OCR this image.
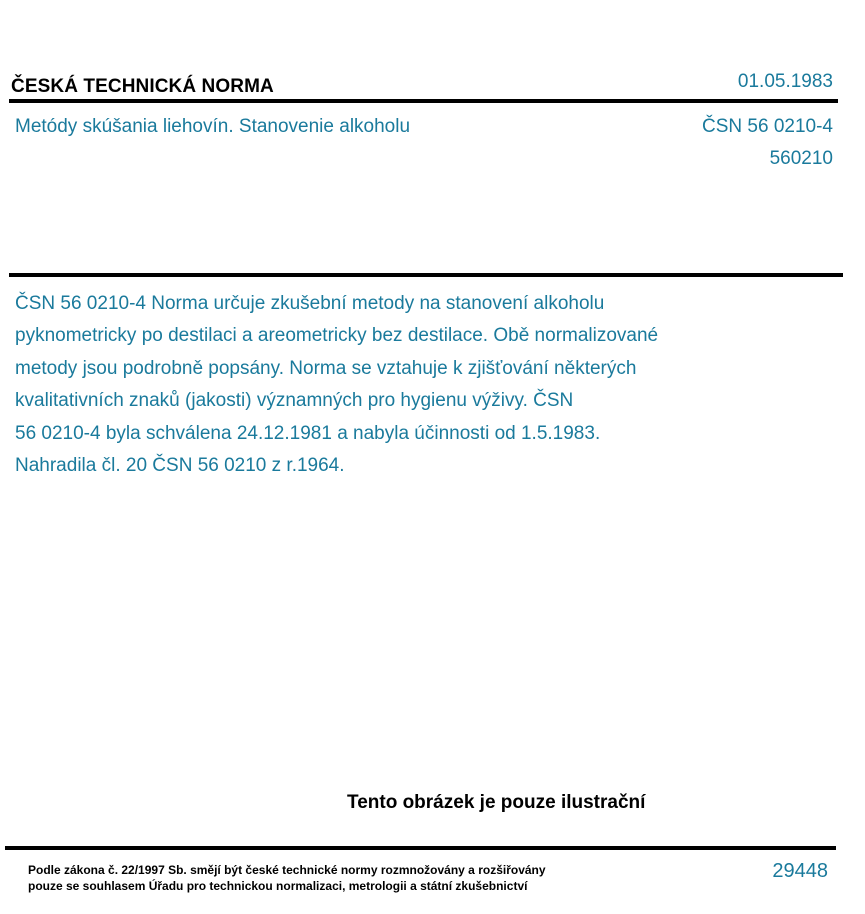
ČESKÁ TECHNICKÁ NORMA	01.05.1983
Metódy skúšania liehovín. Stanovenie alkoholu	ČSN 56 0210-4
560210
ČSN 56 0210-4 Norma určuje zkušební metody na stanovení alkoholu
pyknometricky po destilaci a areometricky bez destilace. Obě normalizované
metody jsou podrobně popsány. Norma se vztahuje k zjišťování některých
kvalitativních znaků (jakosti) významných pro hygienu výživy. ČSN
56 0210-4 byla schválena 24.12.1981 a nabyla účinnosti od 1.5.1983.
Nahradila čl. 20 ČSN 56 0210 z r.1964.
Tento obrázek je pouze ilustrační
Podle zákona č. 22/1997 Sb. smějí být české technické normy rozmnožovány a rozšiřovány
pouze se souhlasem Úřadu pro technickou normalizaci, metrologii a státní zkušebnictví
29448
